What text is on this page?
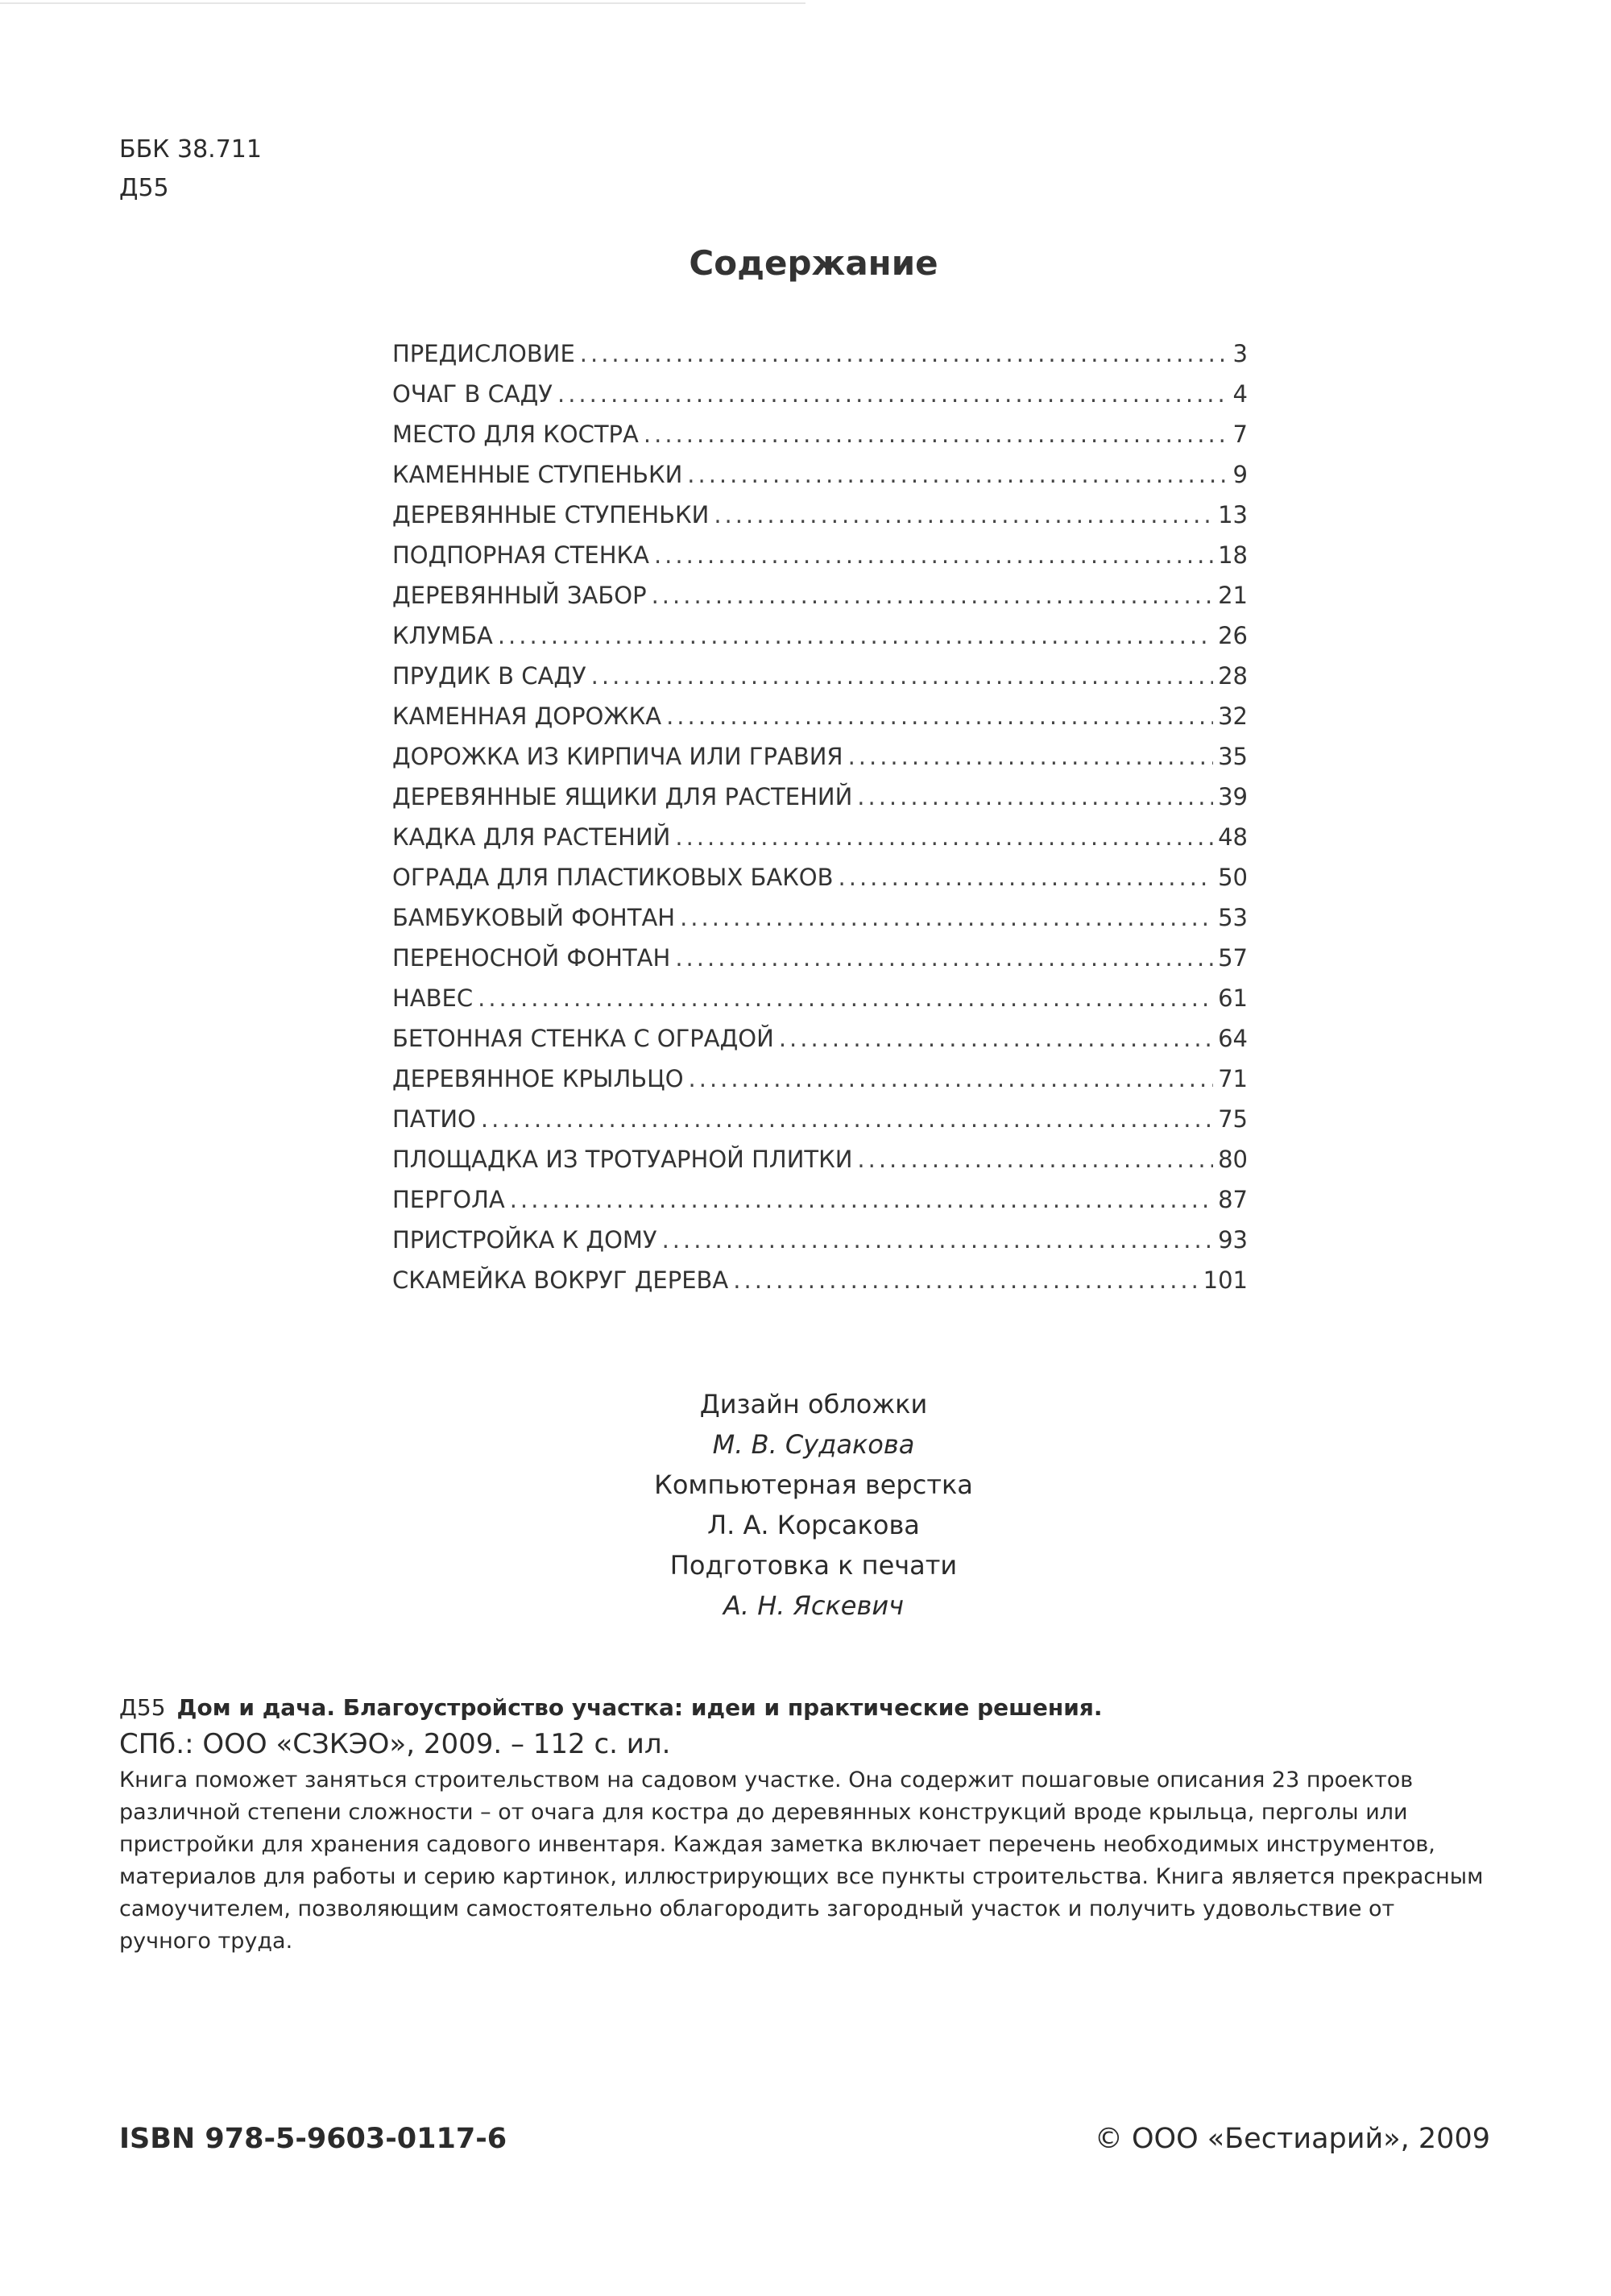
ББК 38.711
Д55
Содержание
ПРЕДИСЛОВИЕ .....	3
ОЧАГ В САДУ .....	4
МЕСТО ДЛЯ КОСТРА .....	7
КАМЕННЫЕ СТУПЕНЬКИ .....	9
ДЕРЕВЯННЫЕ СТУПЕНЬКИ .....	13
ПОДПОРНАЯ СТЕНКА .....	18
ДЕРЕВЯННЫЙ ЗАБОР .....	21
КЛУМБА .....	26
ПРУДИК В САДУ .....	28
КАМЕННАЯ ДОРОЖКА .....	32
ДОРОЖКА ИЗ КИРПИЧА ИЛИ ГРАВИЯ .....	35
ДЕРЕВЯННЫЕ ЯЩИКИ ДЛЯ РАСТЕНИЙ .....	39
КАДКА ДЛЯ РАСТЕНИЙ .....	48
ОГРАДА ДЛЯ ПЛАСТИКОВЫХ БАКОВ .....	50
БАМБУКОВЫЙ ФОНТАН .....	53
ПЕРЕНОСНОЙ ФОНТАН .....	57
НАВЕС .....	61
БЕТОННАЯ СТЕНКА С ОГРАДОЙ .....	64
ДЕРЕВЯННОЕ КРЫЛЬЦО .....	71
ПАТИО .....	75
ПЛОЩАДКА ИЗ ТРОТУАРНОЙ ПЛИТКИ .....	80
ПЕРГОЛА .....	87
ПРИСТРОЙКА К ДОМУ .....	93
СКАМЕЙКА ВОКРУГ ДЕРЕВА .....	101
Дизайн обложки
М. В. Судакова
Компьютерная верстка
Л. А. Корсакова
Подготовка к печати
А. Н. Яскевич
Д55 Дом и дача. Благоустройство участка: идеи и практические решения.
СПб.: ООО «СЗКЭО», 2009. – 112 с. ил.
Книга поможет заняться строительством на садовом участке. Она содержит пошаговые описания 23 проектов различной степени сложности – от очага для костра до деревянных конструкций вроде крыльца, перголы или пристройки для хранения садового инвентаря. Каждая заметка включает перечень необходимых инструментов, материалов для работы и серию картинок, иллюстрирующих все пункты строительства. Книга является прекрасным самоучителем, позволяющим самостоятельно облагородить загородный участок и получить удовольствие от ручного труда.
ISBN 978-5-9603-0117-6	© ООО «Бестиарий», 2009
